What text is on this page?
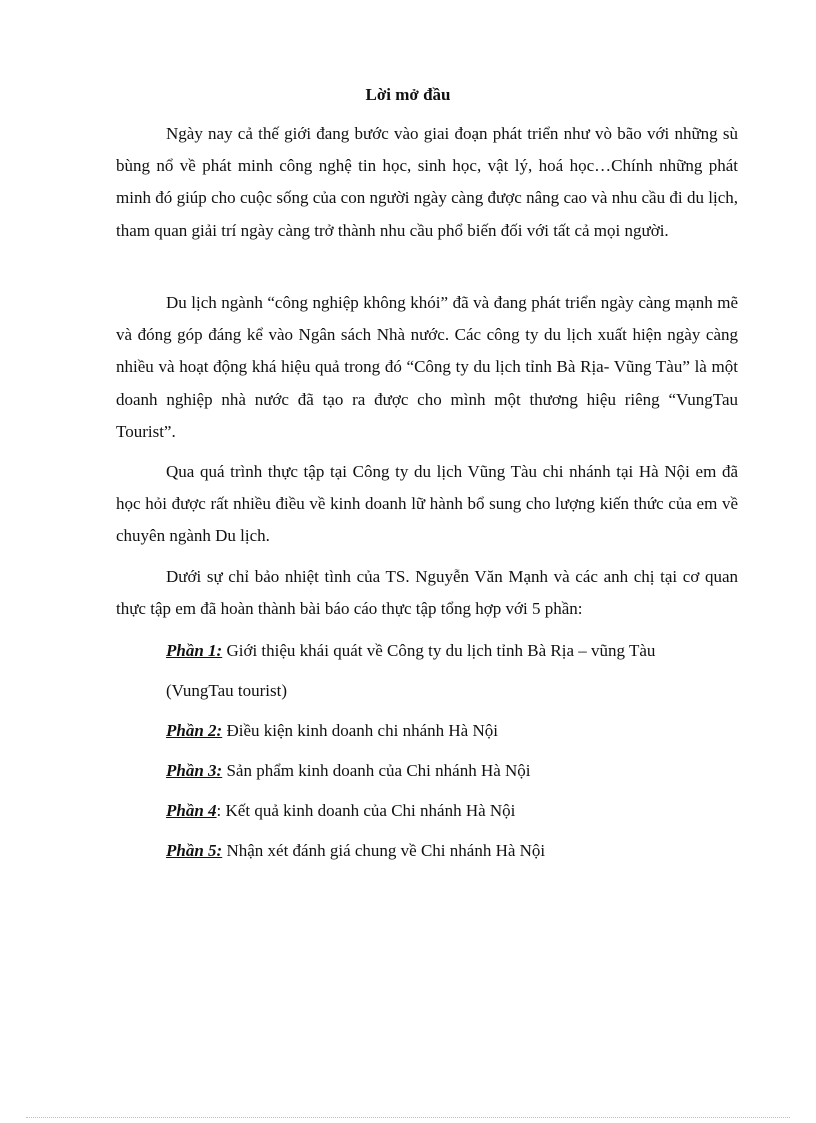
Lời mở đầu

Ngày nay cả thế giới đang bước vào giai đoạn phát triển như vò bão với những sù bùng nổ về phát minh công nghệ tin học, sinh học, vật lý, hoá học…Chính những phát minh đó giúp cho cuộc sống của con người ngày càng được nâng cao và nhu cầu đi du lịch, tham quan giải trí ngày càng trở thành nhu cầu phổ biến đối với tất cả mọi người.

Du lịch ngành “công nghiệp không khói” đã và đang phát triển ngày càng mạnh mẽ và đóng góp đáng kể vào Ngân sách Nhà nước. Các công ty du lịch xuất hiện ngày càng nhiều và hoạt động khá hiệu quả trong đó “Công ty du lịch tỉnh Bà Rịa- Vũng Tàu” là một doanh nghiệp nhà nước đã tạo ra được cho mình một thương hiệu riêng “VungTau Tourist”.

Qua quá trình thực tập tại Công ty du lịch Vũng Tàu chi nhánh tại Hà Nội em đã học hỏi được rất nhiều điều về kinh doanh lữ hành bổ sung cho lượng kiến thức của em về chuyên ngành Du lịch.

Dưới sự chỉ bảo nhiệt tình của TS. Nguyễn Văn Mạnh và các anh chị tại cơ quan thực tập em đã hoàn thành bài báo cáo thực tập tổng hợp với 5 phần:

Phần 1: Giới thiệu khái quát về Công ty du lịch tỉnh Bà Rịa – vũng Tàu
(VungTau tourist)
Phần 2: Điều kiện kinh doanh chi nhánh Hà Nội
Phần 3: Sản phẩm kinh doanh của Chi nhánh Hà Nội
Phần 4: Kết quả kinh doanh của Chi nhánh Hà Nội
Phần 5: Nhận xét đánh giá chung về Chi nhánh Hà Nội
